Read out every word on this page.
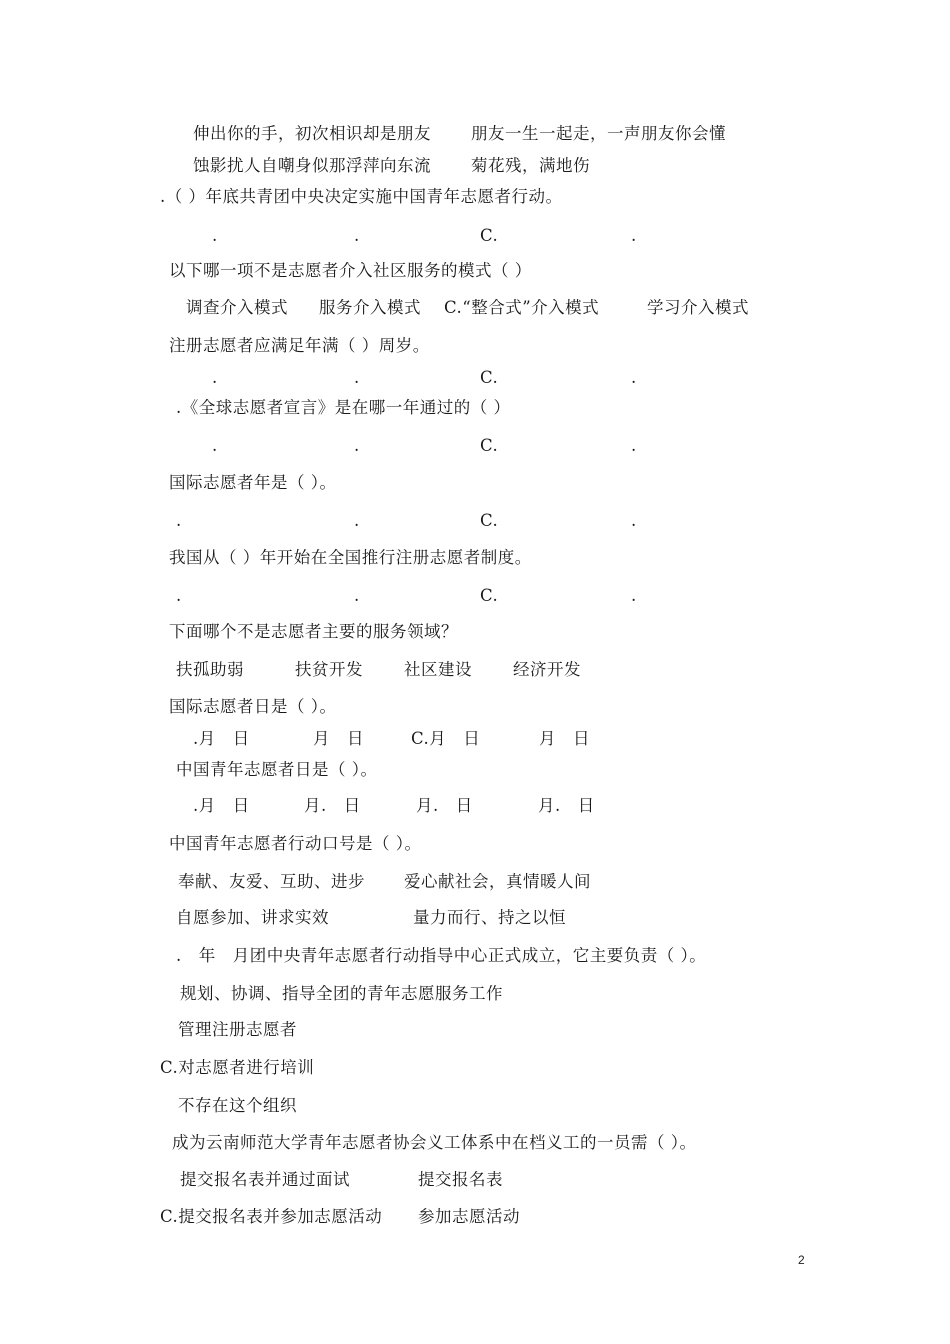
伸出你的手，初次相识却是朋友 朋友一生一起走，一声朋友你会懂
蚀影扰人自嘲身似那浮萍向东流 菊花残，满地伤
.（ ）年底共青团中央决定实施中国青年志愿者行动。
.	.	C.	.
以下哪一项不是志愿者介入社区服务的模式（ ）
调查介入模式 服务介入模式 C.“整合式”介入模式	学习介入模式
注册志愿者应满足年满（ ）周岁。
.	.	C.	.
.《全球志愿者宣言》是在哪一年通过的（ ）
.	.	C.	.
国际志愿者年是（ ）。
.	.	C.	.
我国从（ ）年开始在全国推行注册志愿者制度。
.	.	C.	.
下面哪个不是志愿者主要的服务领域？
扶孤助弱	扶贫开发 社区建设 经济开发
国际志愿者日是（ ）。
.月　日	月　日	C.月　日	月　日
中国青年志愿者日是（ ）。
.月　日	月.　日	月.　日	月.　日
中国青年志愿者行动口号是（ ）。
奉献、友爱、互助、进步 爱心献社会，真情暖人间
自愿参加、讲求实效	量力而行、持之以恒
.　年　月团中央青年志愿者行动指导中心正式成立，它主要负责（ ）。
规划、协调、指导全团的青年志愿服务工作
管理注册志愿者
C.对志愿者进行培训
不存在这个组织
成为云南师范大学青年志愿者协会义工体系中在档义工的一员需（ ）。
提交报名表并通过面试	提交报名表
C.提交报名表并参加志愿活动 参加志愿活动
2
